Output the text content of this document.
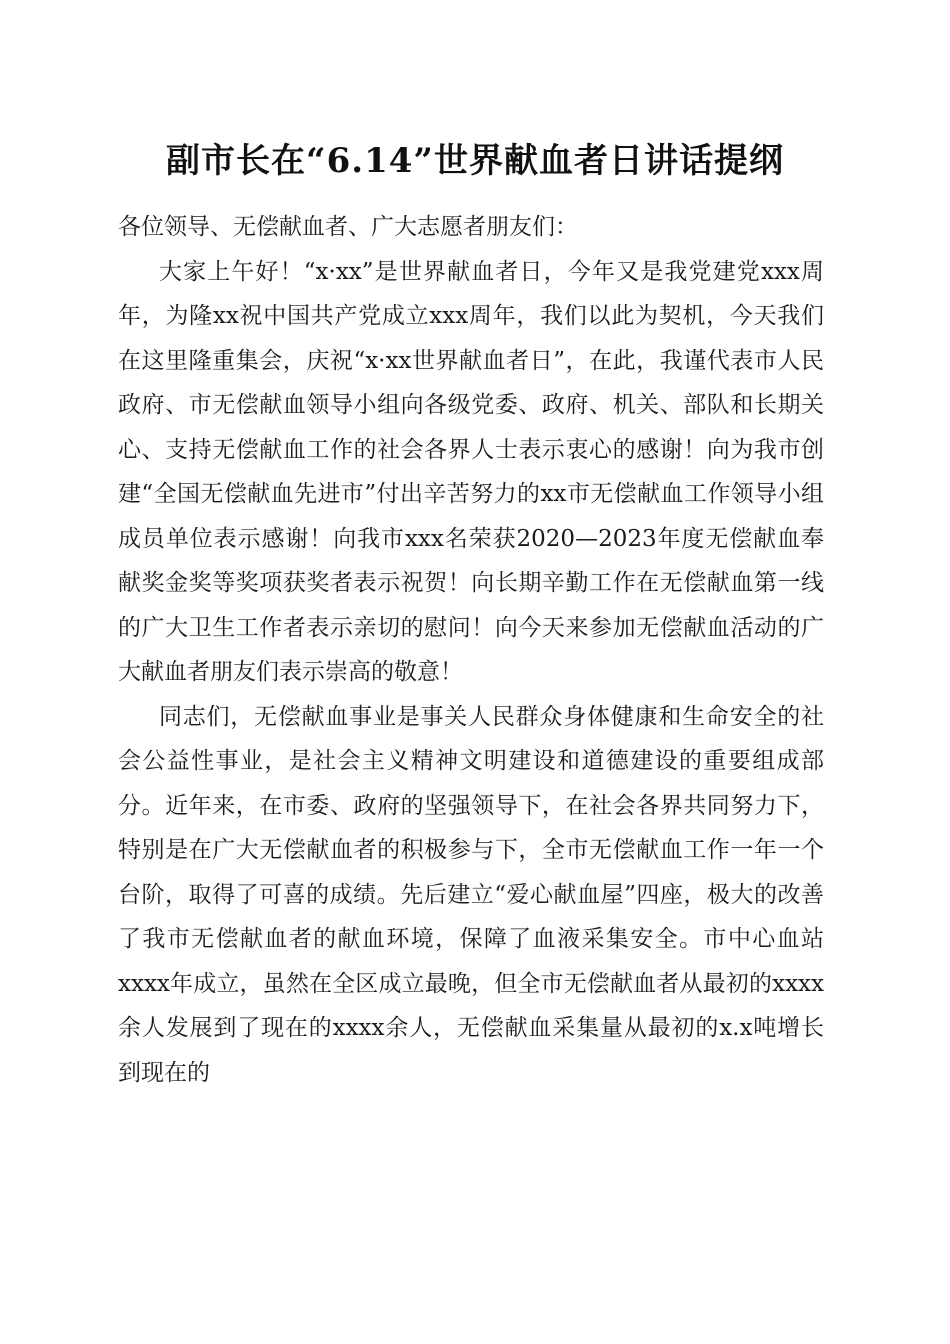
副市长在“6.14”世界献血者日讲话提纲

各位领导、无偿献血者、广大志愿者朋友们：

大家上午好！“x·xx”是世界献血者日，今年又是我党建党xxx周年，为隆xx祝中国共产党成立xxx周年，我们以此为契机，今天我们在这里隆重集会，庆祝“x·xx世界献血者日”，在此，我谨代表市人民政府、市无偿献血领导小组向各级党委、政府、机关、部队和长期关心、支持无偿献血工作的社会各界人士表示衷心的感谢！向为我市创建“全国无偿献血先进市”付出辛苦努力的xx市无偿献血工作领导小组成员单位表示感谢！向我市xxx名荣获2020—2023年度无偿献血奉献奖金奖等奖项获奖者表示祝贺！向长期辛勤工作在无偿献血第一线的广大卫生工作者表示亲切的慰问！向今天来参加无偿献血活动的广大献血者朋友们表示崇高的敬意！

同志们，无偿献血事业是事关人民群众身体健康和生命安全的社会公益性事业，是社会主义精神文明建设和道德建设的重要组成部分。近年来，在市委、政府的坚强领导下，在社会各界共同努力下，特别是在广大无偿献血者的积极参与下，全市无偿献血工作一年一个台阶，取得了可喜的成绩。先后建立“爱心献血屋”四座，极大的改善了我市无偿献血者的献血环境，保障了血液采集安全。市中心血站xxxx年成立，虽然在全区成立最晚，但全市无偿献血者从最初的xxxx余人发展到了现在的xxxx余人，无偿献血采集量从最初的x.x吨增长到现在的
